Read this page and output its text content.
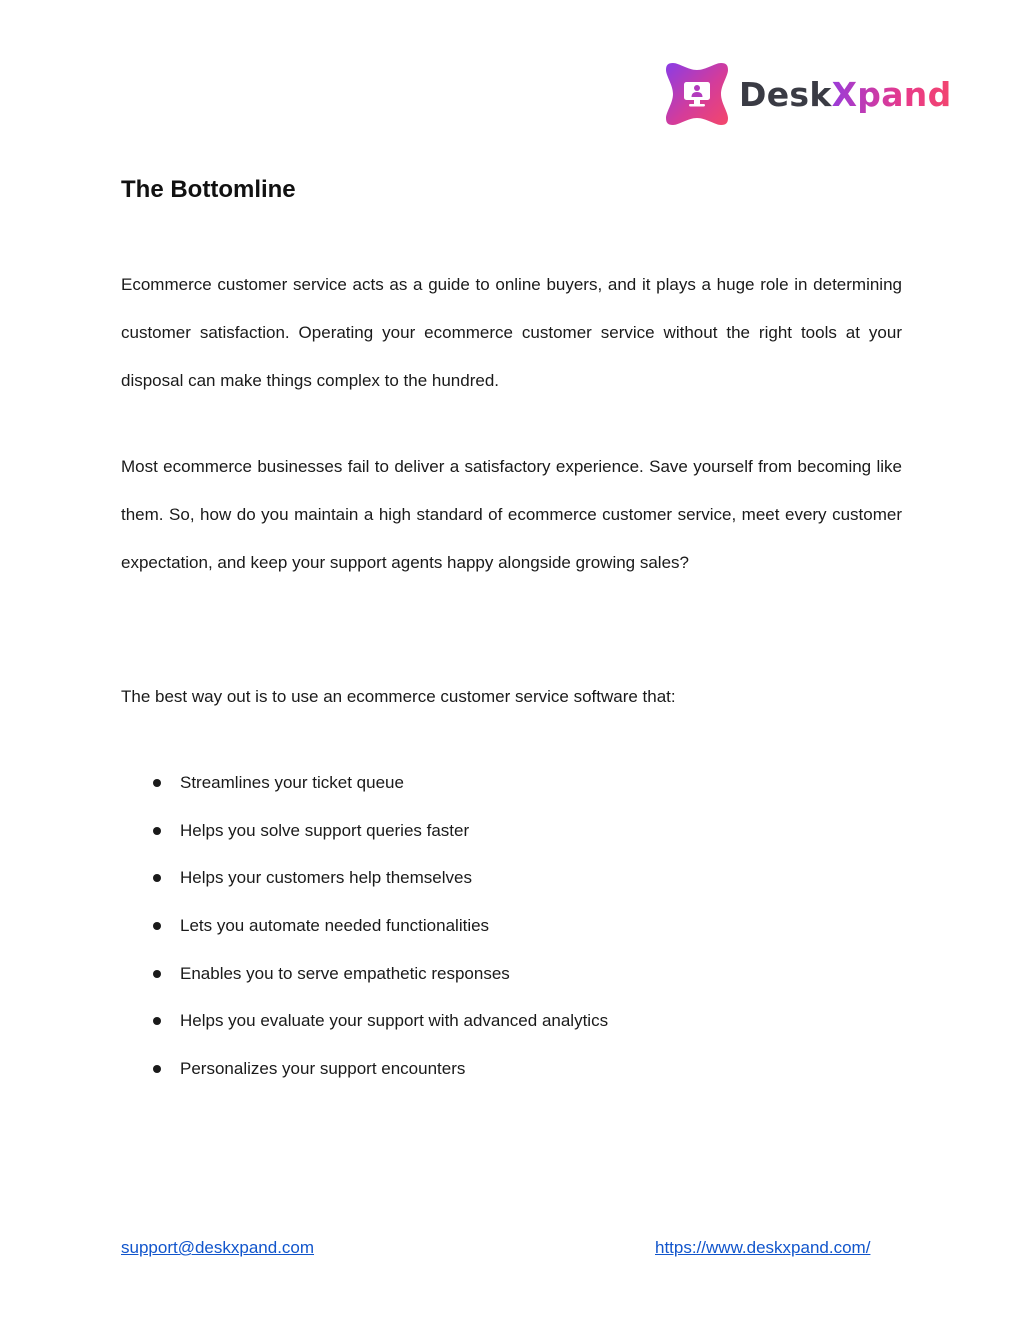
DeskXpand
The Bottomline

Ecommerce customer service acts as a guide to online buyers, and it plays a huge role in determining customer satisfaction. Operating your ecommerce customer service without the right tools at your disposal can make things complex to the hundred.

Most ecommerce businesses fail to deliver a satisfactory experience. Save yourself from becoming like them. So, how do you maintain a high standard of ecommerce customer service, meet every customer expectation, and keep your support agents happy alongside growing sales?

The best way out is to use an ecommerce customer service software that:

Streamlines your ticket queue
Helps you solve support queries faster
Helps your customers help themselves
Lets you automate needed functionalities
Enables you to serve empathetic responses
Helps you evaluate your support with advanced analytics
Personalizes your support encounters
support@deskxpand.com	https://www.deskxpand.com/
